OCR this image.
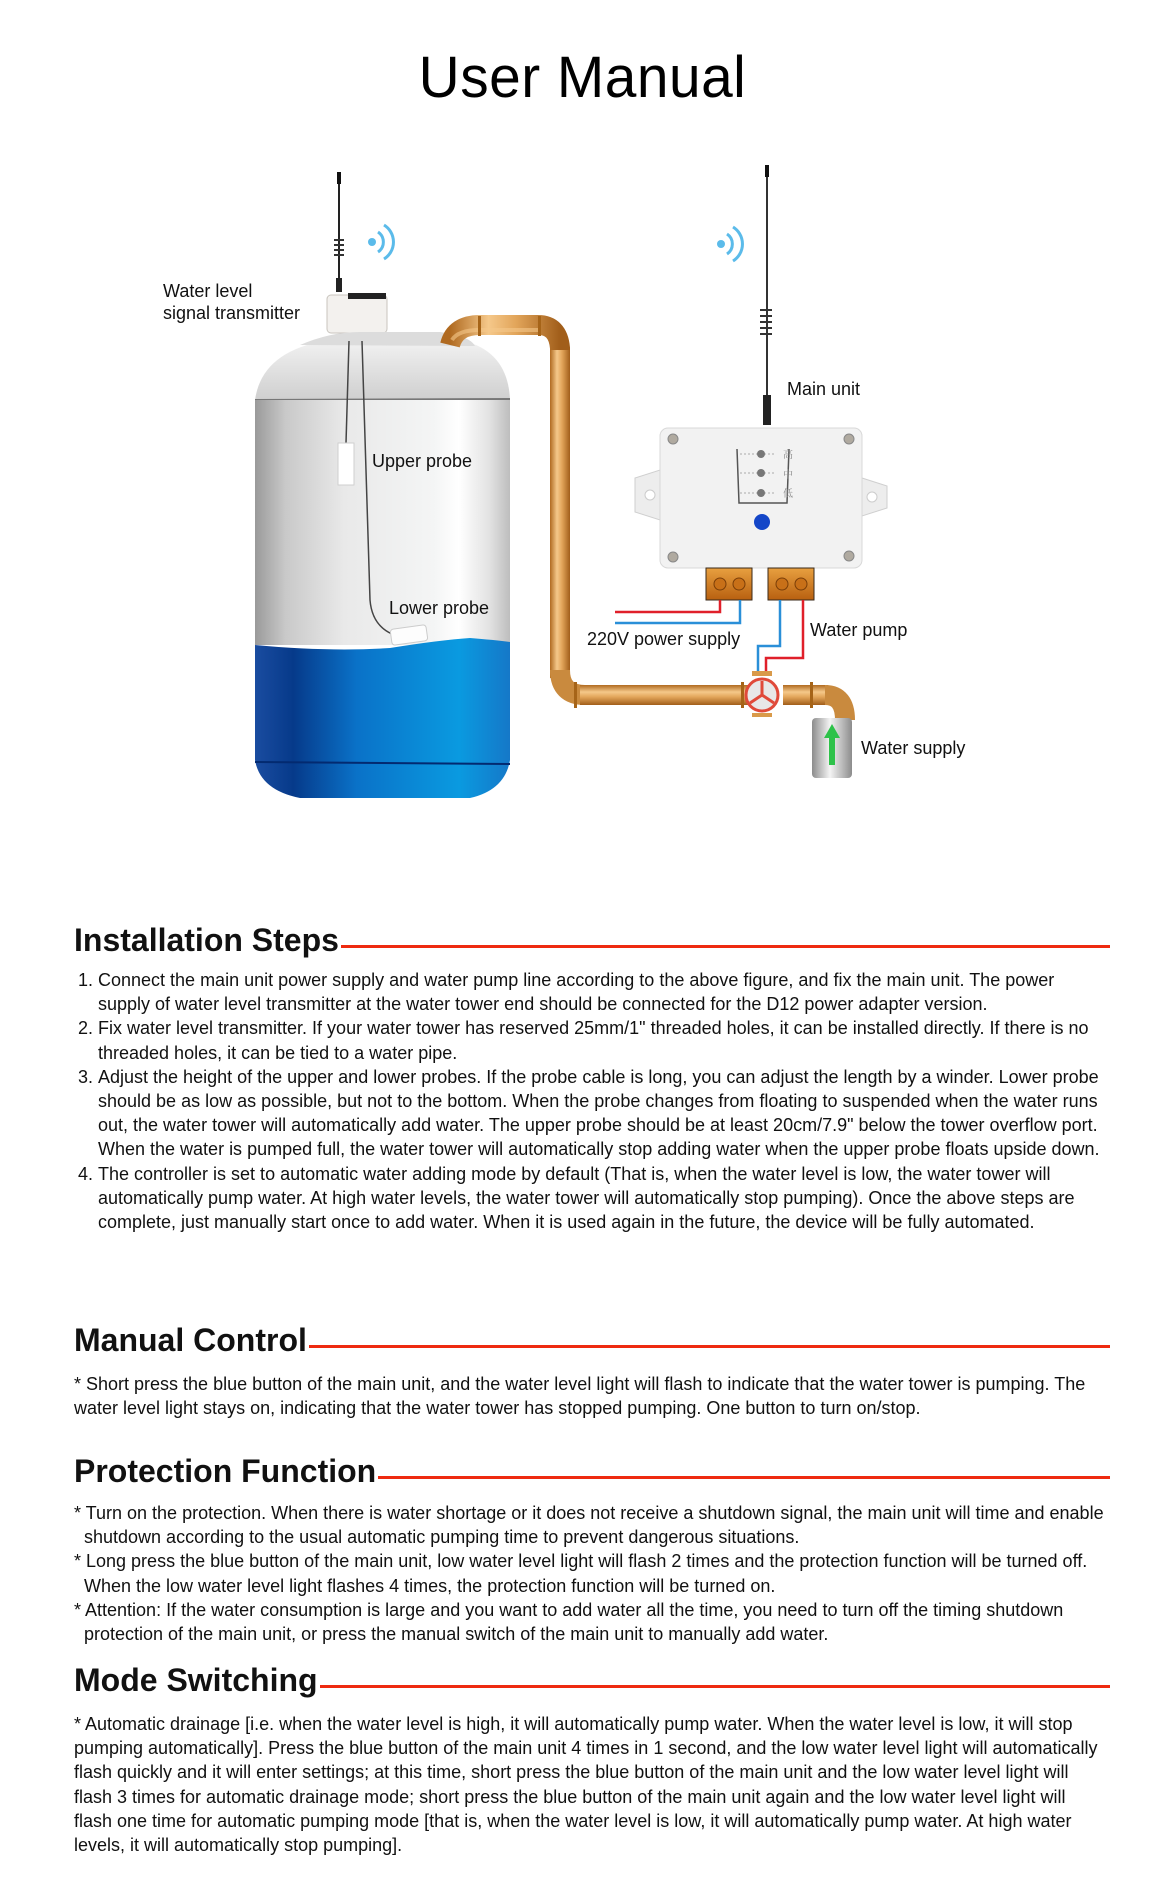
User Manual
Water level
signal transmitter
Upper probe
Lower probe
Main unit
220V power supply	Water pump
Water supply
高
中
低
Installation Steps
1. Connect the main unit power supply and water pump line according to the above figure, and fix the main unit. The power supply of water level transmitter at the water tower end should be connected for the D12 power adapter version.
2. Fix water level transmitter. If your water tower has reserved 25mm/1" threaded holes, it can be installed directly. If there is no threaded holes, it can be tied to a water pipe.
3. Adjust the height of the upper and lower probes. If the probe cable is long, you can adjust the length by a winder. Lower probe should be as low as possible, but not to the bottom. When the probe changes from floating to suspended when the water runs out, the water tower will automatically add water. The upper probe should be at least 20cm/7.9" below the tower overflow port. When the water is pumped full, the water tower will automatically stop adding water when the upper probe floats upside down.
4. The controller is set to automatic water adding mode by default (That is, when the water level is low, the water tower will automatically pump water. At high water levels, the water tower will automatically stop pumping). Once the above steps are complete, just manually start once to add water. When it is used again in the future, the device will be fully automated.
Manual Control

* Short press the blue button of the main unit, and the water level light will flash to indicate that the water tower is pumping. The water level light stays on, indicating that the water tower has stopped pumping. One button to turn on/stop.

Protection Function
* Turn on the protection. When there is water shortage or it does not receive a shutdown signal, the main unit will time and enable shutdown according to the usual automatic pumping time to prevent dangerous situations.
* Long press the blue button of the main unit, low water level light will flash 2 times and the protection function will be turned off. When the low water level light flashes 4 times, the protection function will be turned on.
* Attention: If the water consumption is large and you want to add water all the time, you need to turn off the timing shutdown protection of the main unit, or press the manual switch of the main unit to manually add water.
Mode Switching

* Automatic drainage [i.e. when the water level is high, it will automatically pump water. When the water level is low, it will stop pumping automatically]. Press the blue button of the main unit 4 times in 1 second, and the low water level light will automatically flash quickly and it will enter settings; at this time, short press the blue button of the main unit and the low water level light will flash 3 times for automatic drainage mode; short press the blue button of the main unit again and the low water level light will flash one time for automatic pumping mode [that is, when the water level is low, it will automatically pump water. At high water levels, it will automatically stop pumping].
